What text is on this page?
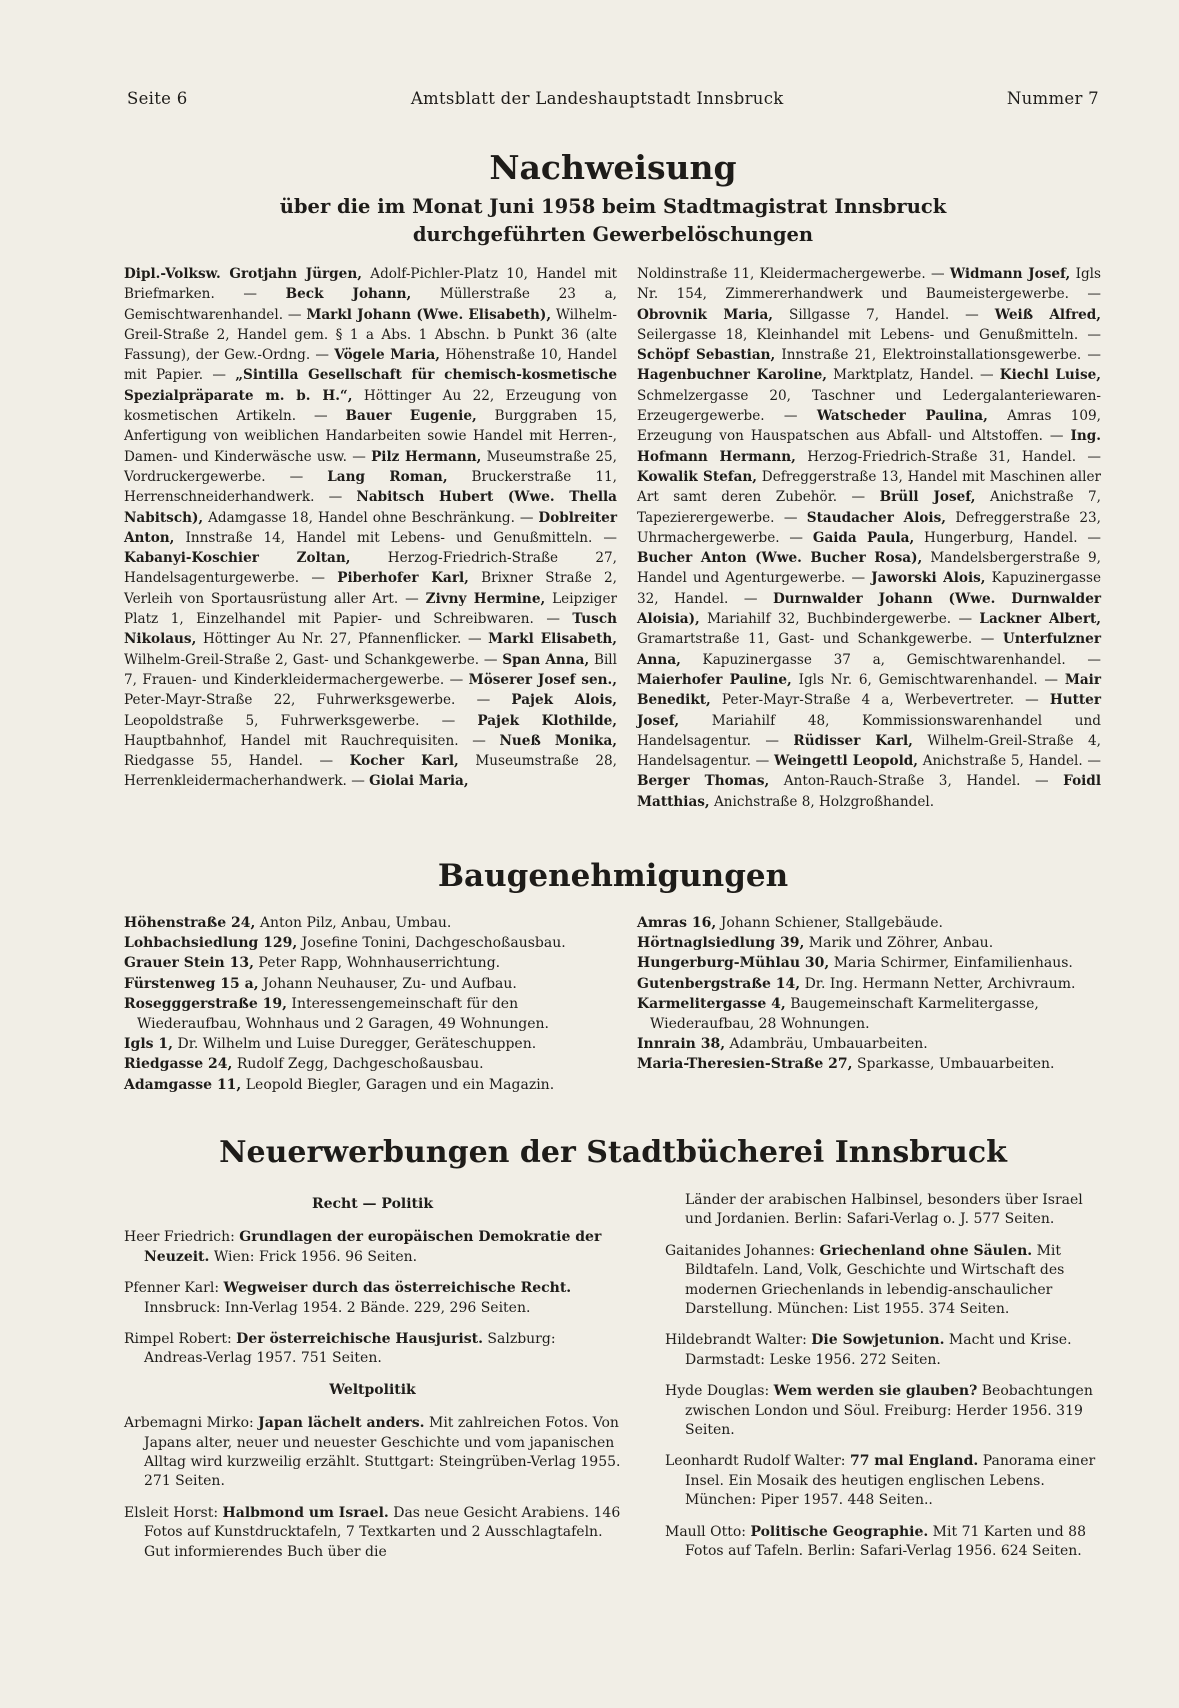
Seite 6	Amtsblatt der Landeshauptstadt Innsbruck	Nummer 7
Nachweisung
über die im Monat Juni 1958 beim Stadtmagistrat Innsbruck
durchgeführten Gewerbelöschungen

Dipl.-Volksw. Grotjahn Jürgen, Adolf-Pichler-Platz 10, Handel mit Briefmarken. — Beck Johann, Müllerstraße 23 a, Gemischtwarenhandel. — Markl Johann (Wwe. Elisabeth), Wilhelm-Greil-Straße 2, Handel gem. § 1 a Abs. 1 Abschn. b Punkt 36 (alte Fassung), der Gew.-Ordng. — Vögele Maria, Höhenstraße 10, Handel mit Papier. — „Sintilla Gesellschaft für chemisch-kosmetische Spezialpräparate m. b. H.“, Höttinger Au 22, Erzeugung von kosmetischen Artikeln. — Bauer Eugenie, Burggraben 15, Anfertigung von weiblichen Handarbeiten sowie Handel mit Herren-, Damen- und Kinderwäsche usw. — Pilz Hermann, Museumstraße 25, Vordruckergewerbe. — Lang Roman, Bruckerstraße 11, Herrenschneiderhandwerk. — Nabitsch Hubert (Wwe. Thella Nabitsch), Adamgasse 18, Handel ohne Beschränkung. — Doblreiter Anton, Innstraße 14, Handel mit Lebens- und Genußmitteln. — Kabanyi-Koschier Zoltan, Herzog-Friedrich-Straße 27, Handelsagenturgewerbe. — Piberhofer Karl, Brixner Straße 2, Verleih von Sportausrüstung aller Art. — Zivny Hermine, Leipziger Platz 1, Einzelhandel mit Papier- und Schreibwaren. — Tusch Nikolaus, Höttinger Au Nr. 27, Pfannenflicker. — Markl Elisabeth, Wilhelm-Greil-Straße 2, Gast- und Schankgewerbe. — Span Anna, Bill 7, Frauen- und Kinderkleidermachergewerbe. — Möserer Josef sen., Peter-Mayr-Straße 22, Fuhrwerksgewerbe. — Pajek Alois, Leopoldstraße 5, Fuhrwerksgewerbe. — Pajek Klothilde, Hauptbahnhof, Handel mit Rauchrequisiten. — Nueß Monika, Riedgasse 55, Handel. — Kocher Karl, Museumstraße 28, Herrenkleidermacherhandwerk. — Giolai Maria,

Noldinstraße 11, Kleidermachergewerbe. — Widmann Josef, Igls Nr. 154, Zimmererhandwerk und Baumeistergewerbe. — Obrovnik Maria, Sillgasse 7, Handel. — Weiß Alfred, Seilergasse 18, Kleinhandel mit Lebens- und Genußmitteln. — Schöpf Sebastian, Innstraße 21, Elektroinstallationsgewerbe. — Hagenbuchner Karoline, Marktplatz, Handel. — Kiechl Luise, Schmelzergasse 20, Taschner und Ledergalanteriewaren-Erzeugergewerbe. — Watscheder Paulina, Amras 109, Erzeugung von Hauspatschen aus Abfall- und Altstoffen. — Ing. Hofmann Hermann, Herzog-Friedrich-Straße 31, Handel. — Kowalik Stefan, Defreggerstraße 13, Handel mit Maschinen aller Art samt deren Zubehör. — Brüll Josef, Anichstraße 7, Tapezierergewerbe. — Staudacher Alois, Defreggerstraße 23, Uhrmachergewerbe. — Gaida Paula, Hungerburg, Handel. — Bucher Anton (Wwe. Bucher Rosa), Mandelsbergerstraße 9, Handel und Agenturgewerbe. — Jaworski Alois, Kapuzinergasse 32, Handel. — Durnwalder Johann (Wwe. Durnwalder Aloisia), Mariahilf 32, Buchbindergewerbe. — Lackner Albert, Gramartstraße 11, Gast- und Schankgewerbe. — Unterfulzner Anna, Kapuzinergasse 37 a, Gemischtwarenhandel. — Maierhofer Pauline, Igls Nr. 6, Gemischtwarenhandel. — Mair Benedikt, Peter-Mayr-Straße 4 a, Werbevertreter. — Hutter Josef, Mariahilf 48, Kommissionswarenhandel und Handelsagentur. — Rüdisser Karl, Wilhelm-Greil-Straße 4, Handelsagentur. — Weingettl Leopold, Anichstraße 5, Handel. — Berger Thomas, Anton-Rauch-Straße 3, Handel. — Foidl Matthias, Anichstraße 8, Holzgroßhandel.

Baugenehmigungen
Höhenstraße 24, Anton Pilz, Anbau, Umbau.
Lohbachsiedlung 129, Josefine Tonini, Dachgeschoßausbau.
Grauer Stein 13, Peter Rapp, Wohnhauserrichtung.
Fürstenweg 15 a, Johann Neuhauser, Zu- und Aufbau.
Rosegggerstraße 19, Interessengemeinschaft für den Wiederaufbau, Wohnhaus und 2 Garagen, 49 Wohnungen.
Igls 1, Dr. Wilhelm und Luise Duregger, Geräteschuppen.
Riedgasse 24, Rudolf Zegg, Dachgeschoßausbau.
Adamgasse 11, Leopold Biegler, Garagen und ein Magazin.
Amras 16, Johann Schiener, Stallgebäude.
Hörtnaglsiedlung 39, Marik und Zöhrer, Anbau.
Hungerburg-Mühlau 30, Maria Schirmer, Einfamilienhaus.
Gutenbergstraße 14, Dr. Ing. Hermann Netter, Archivraum.
Karmelitergasse 4, Baugemeinschaft Karmelitergasse, Wiederaufbau, 28 Wohnungen.
Innrain 38, Adambräu, Umbauarbeiten.
Maria-Theresien-Straße 27, Sparkasse, Umbauarbeiten.
Neuerwerbungen der Stadtbücherei Innsbruck
Recht — Politik
Heer Friedrich: Grundlagen der europäischen Demokratie der Neuzeit. Wien: Frick 1956. 96 Seiten.
Pfenner Karl: Wegweiser durch das österreichische Recht. Innsbruck: Inn-Verlag 1954. 2 Bände. 229, 296 Seiten.
Rimpel Robert: Der österreichische Hausjurist. Salzburg: Andreas-Verlag 1957. 751 Seiten.
Weltpolitik
Arbemagni Mirko: Japan lächelt anders. Mit zahlreichen Fotos. Von Japans alter, neuer und neuester Geschichte und vom japanischen Alltag wird kurzweilig erzählt. Stuttgart: Steingrüben-Verlag 1955. 271 Seiten.
Elsleit Horst: Halbmond um Israel. Das neue Gesicht Arabiens. 146 Fotos auf Kunstdrucktafeln, 7 Textkarten und 2 Ausschlagtafeln. Gut informierendes Buch über die
Länder der arabischen Halbinsel, besonders über Israel und Jordanien. Berlin: Safari-Verlag o. J. 577 Seiten.
Gaitanides Johannes: Griechenland ohne Säulen. Mit Bildtafeln. Land, Volk, Geschichte und Wirtschaft des modernen Griechenlands in lebendig-anschaulicher Darstellung. München: List 1955. 374 Seiten.
Hildebrandt Walter: Die Sowjetunion. Macht und Krise. Darmstadt: Leske 1956. 272 Seiten.
Hyde Douglas: Wem werden sie glauben? Beobachtungen zwischen London und Söul. Freiburg: Herder 1956. 319 Seiten.
Leonhardt Rudolf Walter: 77 mal England. Panorama einer Insel. Ein Mosaik des heutigen englischen Lebens. München: Piper 1957. 448 Seiten..
Maull Otto: Politische Geographie. Mit 71 Karten und 88 Fotos auf Tafeln. Berlin: Safari-Verlag 1956. 624 Seiten.
